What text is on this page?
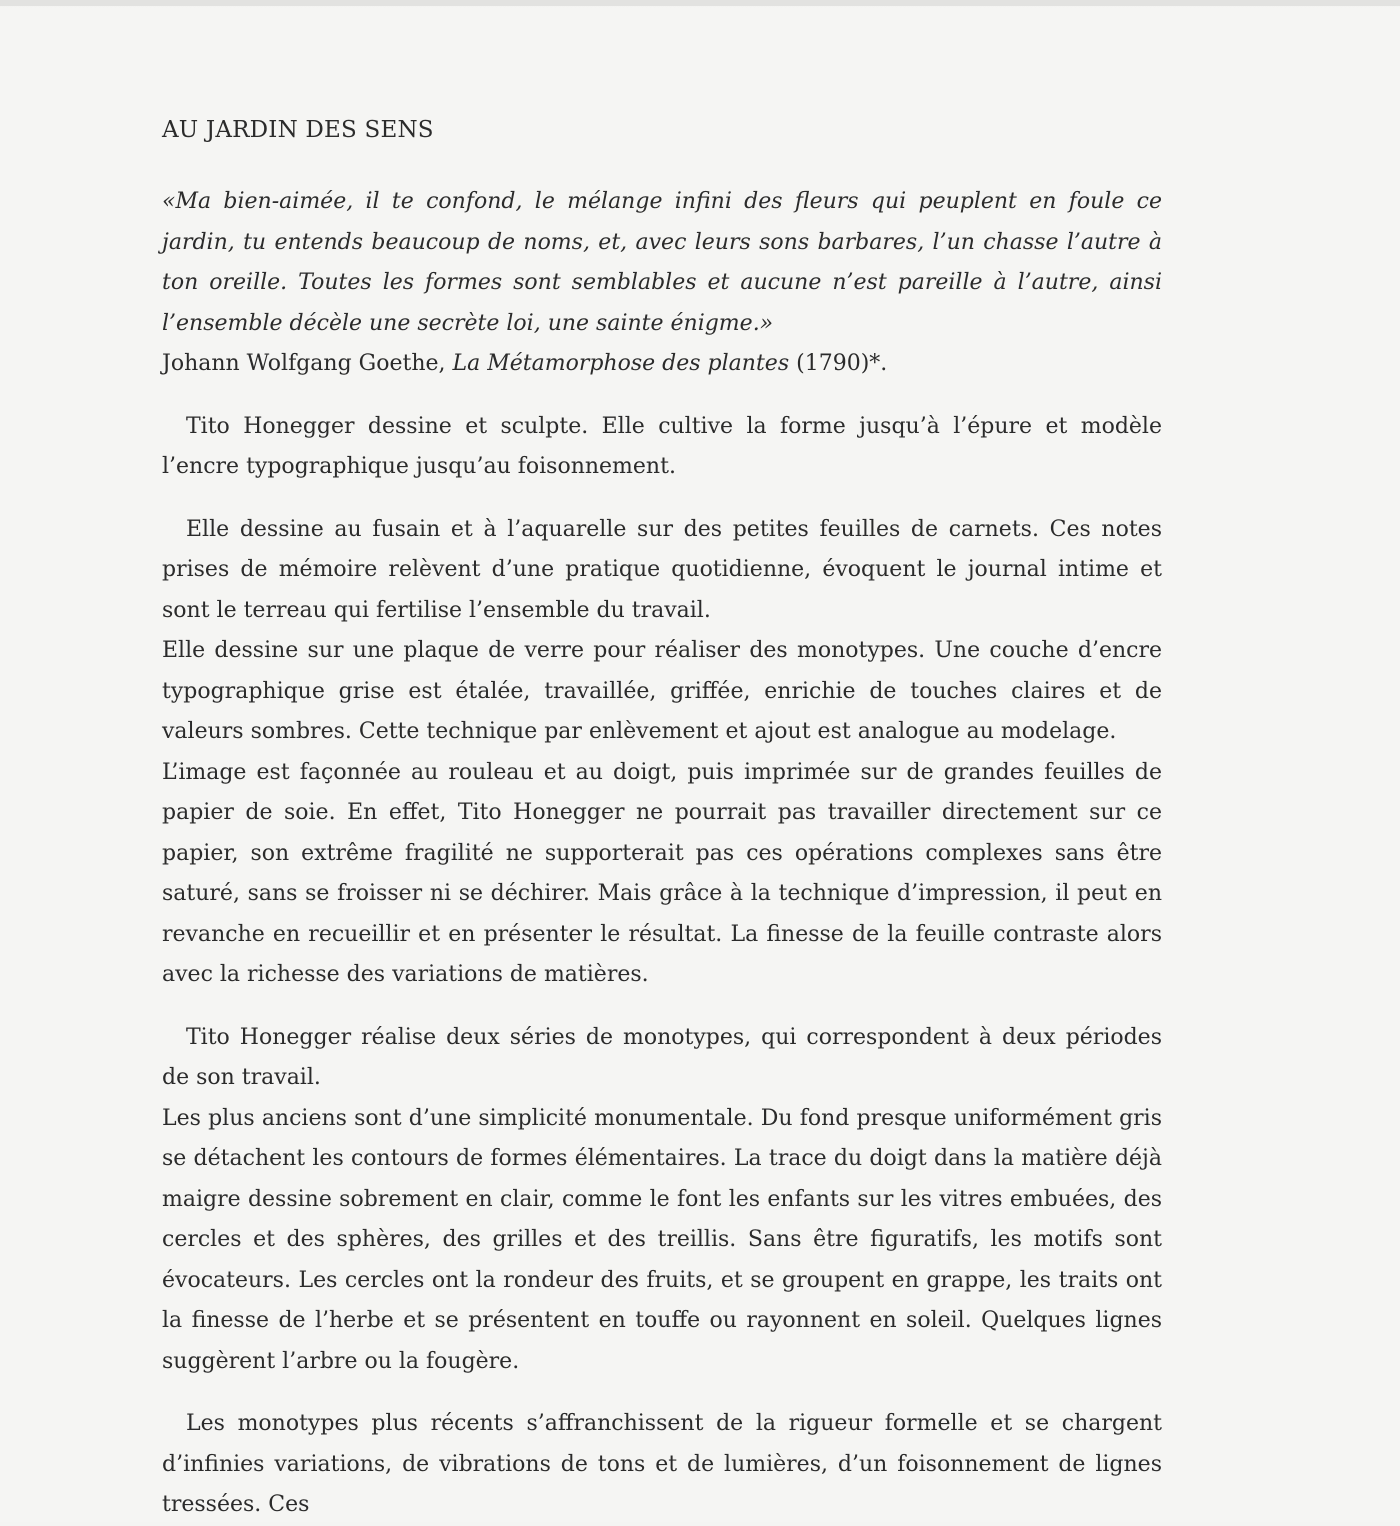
AU JARDIN DES SENS

«Ma bien-aimée, il te confond, le mélange infini des fleurs qui peuplent en foule ce jardin, tu entends beaucoup de noms, et, avec leurs sons barbares, l’un chasse l’autre à ton oreille. Toutes les formes sont semblables et aucune n’est pareille à l’autre, ainsi l’ensemble décèle une secrète loi, une sainte énigme.»

Johann Wolfgang Goethe, La Métamorphose des plantes (1790)*.

Tito Honegger dessine et sculpte. Elle cultive la forme jusqu’à l’épure et modèle l’encre typographique jusqu’au foisonnement.

Elle dessine au fusain et à l’aquarelle sur des petites feuilles de carnets. Ces notes prises de mémoire relèvent d’une pratique quotidienne, évoquent le journal intime et sont le terreau qui fertilise l’ensemble du travail.

Elle dessine sur une plaque de verre pour réaliser des monotypes. Une couche d’encre typographique grise est étalée, travaillée, griffée, enrichie de touches claires et de valeurs sombres. Cette technique par enlèvement et ajout est analogue au modelage.

L’image est façonnée au rouleau et au doigt, puis imprimée sur de grandes feuilles de papier de soie. En effet, Tito Honegger ne pourrait pas travailler directement sur ce papier, son extrême fragilité ne supporterait pas ces opérations complexes sans être saturé, sans se froisser ni se déchirer. Mais grâce à la technique d’impression, il peut en revanche en recueillir et en présenter le résultat. La finesse de la feuille contraste alors avec la richesse des variations de matières.

Tito Honegger réalise deux séries de monotypes, qui correspondent à deux périodes de son travail.

Les plus anciens sont d’une simplicité monumentale. Du fond presque uniformément gris se détachent les contours de formes élémentaires. La trace du doigt dans la matière déjà maigre dessine sobrement en clair, comme le font les enfants sur les vitres embuées, des cercles et des sphères, des grilles et des treillis. Sans être figuratifs, les motifs sont évocateurs. Les cercles ont la rondeur des fruits, et se groupent en grappe, les traits ont la finesse de l’herbe et se présentent en touffe ou rayonnent en soleil. Quelques lignes suggèrent l’arbre ou la fougère.

Les monotypes plus récents s’affranchissent de la rigueur formelle et se chargent d’infinies variations, de vibrations de tons et de lumières, d’un foisonnement de lignes tressées. Ces
